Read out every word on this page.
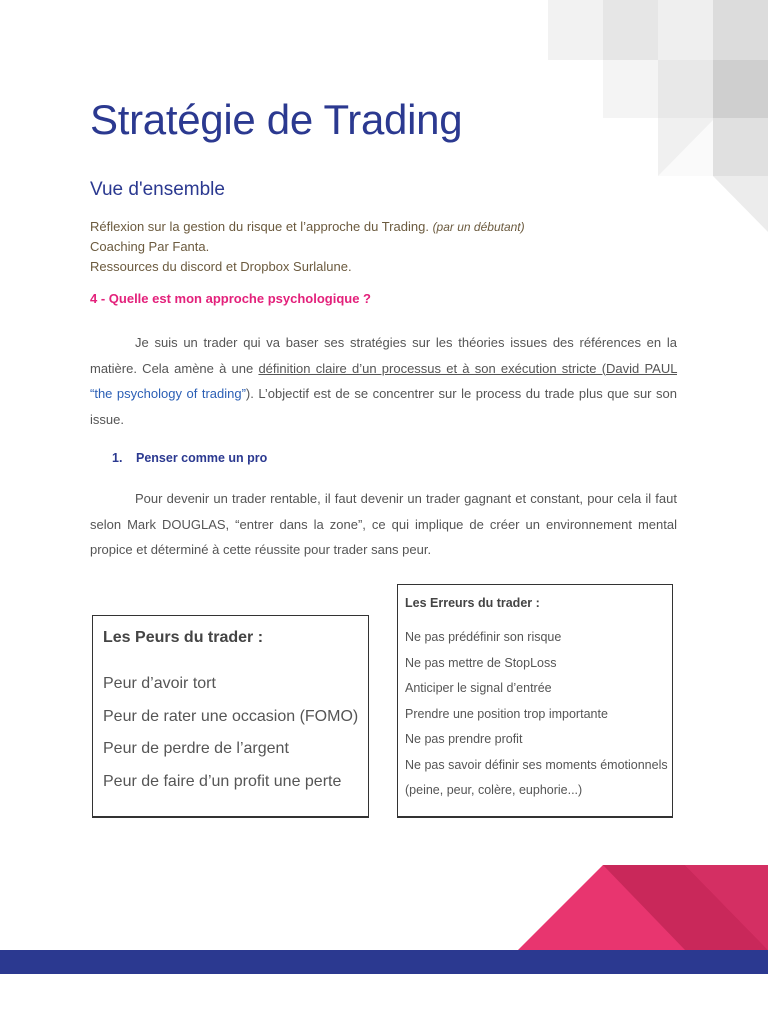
Stratégie de Trading
Vue d'ensemble
Réflexion sur la gestion du risque et l’approche du Trading. (par un débutant)
Coaching Par Fanta.
Ressources du discord et Dropbox Surlalune.
4 - Quelle est mon approche psychologique ?

Je suis un trader qui va baser ses stratégies sur les théories issues des références en la matière. Cela amène à une définition claire d’un processus et à son exécution stricte (David PAUL “the psychology of trading”). L’objectif est de se concentrer sur le process du trade plus que sur son issue.

1. Penser comme un pro

Pour devenir un trader rentable, il faut devenir un trader gagnant et constant, pour cela il faut selon Mark DOUGLAS, “entrer dans la zone”, ce qui implique de créer un environnement mental propice et déterminé à cette réussite pour trader sans peur.

Les Peurs du trader :
Peur d’avoir tort
Peur de rater une occasion (FOMO)
Peur de perdre de l’argent
Peur de faire d’un profit une perte
Les Erreurs du trader :
Ne pas prédéfinir son risque
Ne pas mettre de StopLoss
Anticiper le signal d’entrée
Prendre une position trop importante
Ne pas prendre profit
Ne pas savoir définir ses moments émotionnels
(peine, peur, colère, euphorie...)
